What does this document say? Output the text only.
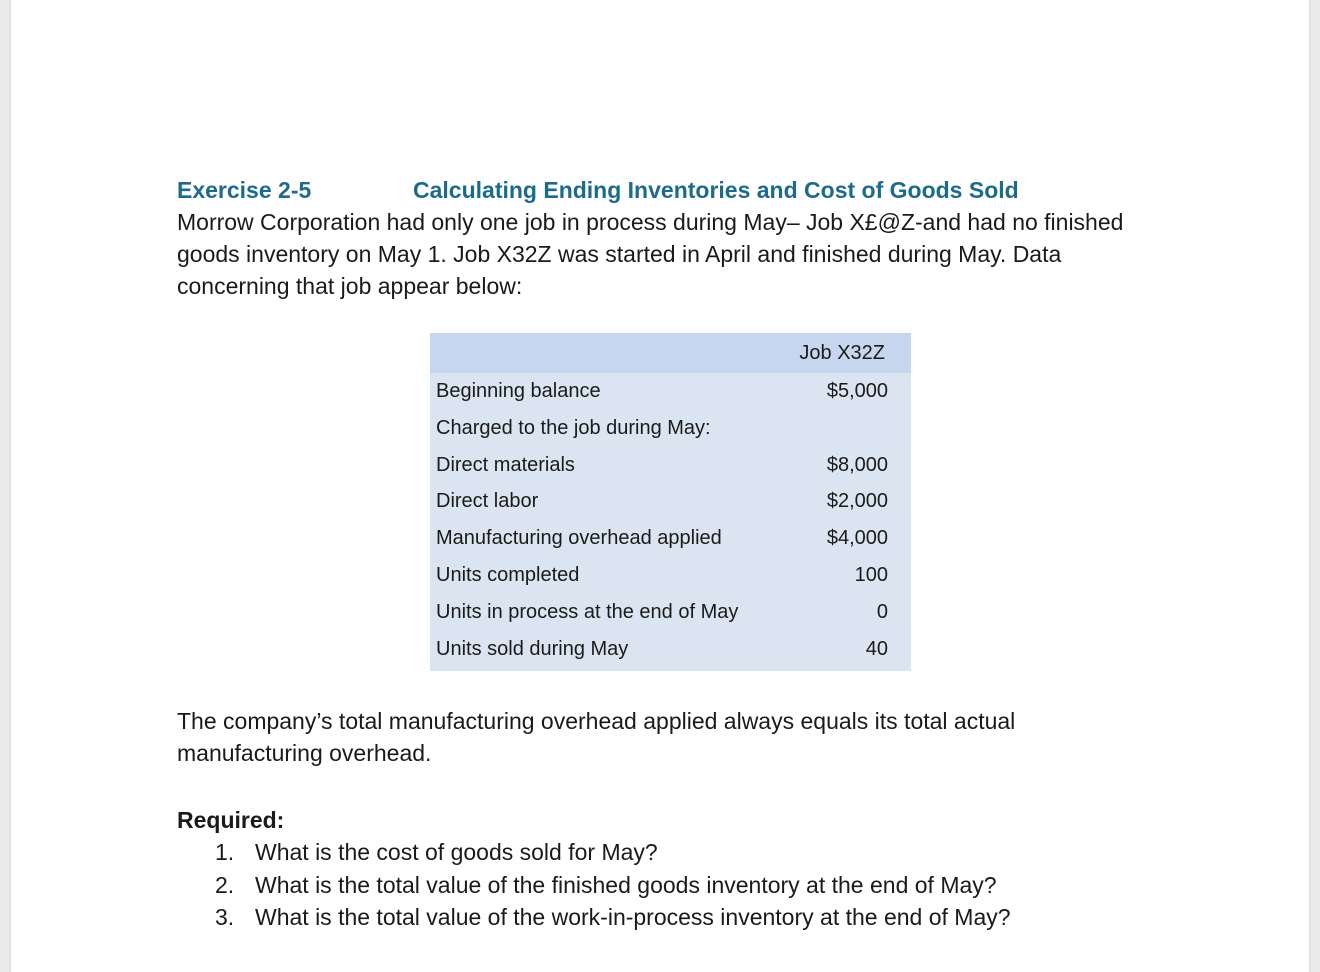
Exercise 2-5	Calculating Ending Inventories and Cost of Goods Sold

Morrow Corporation had only one job in process during May– Job X£@Z-and had no finished goods inventory on May 1. Job X32Z was started in April and finished during May. Data concerning that job appear below:

Job X32Z
Beginning balance	$5,000
Charged to the job during May:
Direct materials	$8,000
Direct labor	$2,000
Manufacturing overhead applied	$4,000
Units completed	100
Units in process at the end of May	0
Units sold during May	40

The company’s total manufacturing overhead applied always equals its total actual manufacturing overhead.

Required:
1. What is the cost of goods sold for May?
2. What is the total value of the finished goods inventory at the end of May?
3. What is the total value of the work-in-process inventory at the end of May?
